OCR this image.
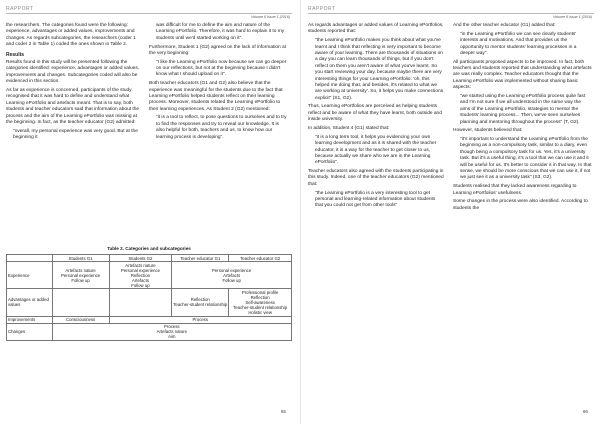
RAPPORT
Volume 6 Issue 1 (2016)

the researchers. The categories found were the following: experience, advantages or added values, improvements and changes. As regards subcategories, the researchers (coder 1 and coder 2 in Table 1) coded the ones shown in Table 2.

Results

Results found in this study will be presented following the categories identified: experience, advantages or added values, improvements and changes. Subcategories coded will also be evidenced in this section.

As far as experience is concerned, participants of the study recognised that it was hard to define and understand what Learning ePortfolio and artefacts meant. That is to say, both students and teacher educators said that information about the process and the aim of the Learning ePortfolio was missing at the beginning. In fact, as the teacher educator (G2) admitted:

"overall, my personal experience was very good. But at the beginning it

was difficult for me to define the aim and nature of the Learning ePortfolio. Therefore, it was hard to explain it to my students until we'd started working on it".

Furthermore, Student 1 (G2) agreed on the lack of information at the very beginning:

"I like the Learning ePortfolio now because we can go deeper on our reflections, but not at the beginning because I didn't know what I should upload on it".

Both teacher educators (G1 and G2) also believe that the experience was meaningful for the students due to the fact that Learning ePortfolio helped students reflect on their learning process. Moreover, students related the Learning ePortfolio to their learning experiences. As Student 2 (G2) mentioned:

"it is a tool to reflect, to pose questions to ourselves and to try to find the responses and try to reveal our knowledge. It is also helpful for both, teachers and us, to know how our learning process is developing".

Table 2. Categories and subcategories
	Students G1	Students G2	Teacher educator G1	Teacher educator G2
Experience	Artefacts nature
Personal experience
Follow up	Artefacts nature
Personal experience
Reflection
Artefacts
Follow up	Personal experience
Artefacts
Follow up	

Advantages or added values			Reflection
Teacher-student relationship	Professional profile
Reflection
Self-awareness
Teacher-student relationship
Holistic view

Improvements	Consciousness	Process		
Changes	Process
Artefacts nature
Aim			
65
RAPPORT
Volume 6 Issue 1 (2016)

As regards advantages or added values of Learning ePortfolios, students reported that:

"the Learning ePortfolio makes you think about what you've learnt and I think that reflecting is very important to become aware of your learning. There are thousands of situations on a day you can learn thousands of things, but if you don't reflect on them you aren't aware of what you've learnt. So you start reviewing your day, because maybe there are very interesting things for your Learning ePortfolio: 'oh, this helped me doing that, and besides, it's related to what we are working at university'. So, it helps you make connections explicit" (S1, G2).

Thus, Learning ePortfolios are perceived as helping students reflect and be aware of what they have learnt, both outside and inside university.

In addition, Student 4 (G1) stated that:

"it is a long term tool, it helps you evidencing your own learning development and as it is shared with the teacher educator, it is a way for the teacher to get closer to us, because actually we share who we are in the Learning ePortfolio".

Teacher educators also agreed with the students participating in this study. Indeed, one of the teacher educators (G2) mentioned that:

"the Learning ePortfolio is a very interesting tool to get personal and learning-related information about students that you could not get from other tools"

And the other teacher educator (G1) added that:

"in the Learning ePortfolio we can see clearly students' interests and motivations. And that provides us the opportunity to mentor students' learning processes in a deeper way".

All participants proposed aspects to be improved. In fact, both teachers and students reported that understanding what artefacts are was really complex. Teacher educators thought that the Learning ePortfolio was implemented without sharing basic aspects:

"we started using the Learning ePortfolio process quite fast and I'm not sure if we all understood in the same way the aims of the Learning ePortfolio, strategies to mentor the students' learning process... Then, we've seen ourselves planning and mentoring throughout the process" (T, G2).

However, students believed that:

"it's important to understand the Learning ePortfolio from the beginning as a non-compulsory task, similar to a diary, even though being a compulsory task for us. Yes, it's a university task. But it's a useful thing, it's a tool that we can use it and it will be useful for us. It's better to consider it in that way. In that sense, we should be more conscious that we can use it, if not we just see it as a university task" (S3, G2).

Students realised that they lacked awareness regarding to Learning ePortfolios' usefulness.

Some changes in the process were also identified. According to students the

66
